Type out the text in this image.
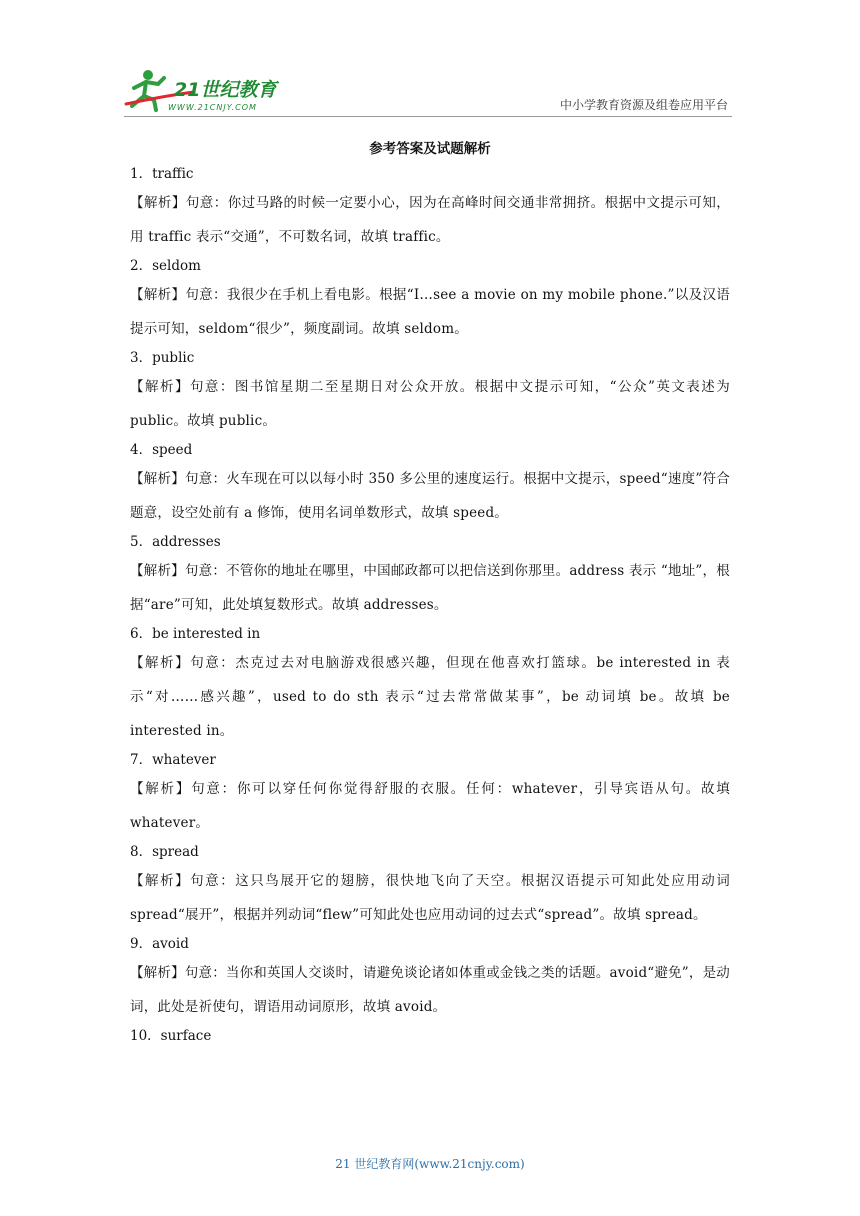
21世纪教育
WWW.21CNJY.COM	中小学教育资源及组卷应用平台
参考答案及试题解析
1．traffic
【解析】句意：你过马路的时候一定要小心，因为在高峰时间交通非常拥挤。根据中文提示可知，用 traffic 表示“交通”，不可数名词，故填 traffic。
2．seldom
【解析】句意：我很少在手机上看电影。根据“I…see a movie on my mobile phone.”以及汉语提示可知，seldom“很少”，频度副词。故填 seldom。
3．public
【解析】句意：图书馆星期二至星期日对公众开放。根据中文提示可知，“公众”英文表述为 public。故填 public。
4．speed
【解析】句意：火车现在可以以每小时 350 多公里的速度运行。根据中文提示，speed“速度”符合题意，设空处前有 a 修饰，使用名词单数形式，故填 speed。
5．addresses
【解析】句意：不管你的地址在哪里，中国邮政都可以把信送到你那里。address 表示 “地址”，根据“are”可知，此处填复数形式。故填 addresses。
6．be interested in
【解析】句意：杰克过去对电脑游戏很感兴趣，但现在他喜欢打篮球。be interested in 表示“对……感兴趣”，used to do sth 表示“过去常常做某事”，be 动词填 be。故填 be interested in。
7．whatever
【解析】句意：你可以穿任何你觉得舒服的衣服。任何：whatever，引导宾语从句。故填 whatever。
8．spread
【解析】句意：这只鸟展开它的翅膀，很快地飞向了天空。根据汉语提示可知此处应用动词 spread“展开”，根据并列动词“flew”可知此处也应用动词的过去式“spread”。故填 spread。
9．avoid
【解析】句意：当你和英国人交谈时，请避免谈论诸如体重或金钱之类的话题。avoid“避免”，是动词，此处是祈使句，谓语用动词原形，故填 avoid。
10．surface
21 世纪教育网(www.21cnjy.com)
